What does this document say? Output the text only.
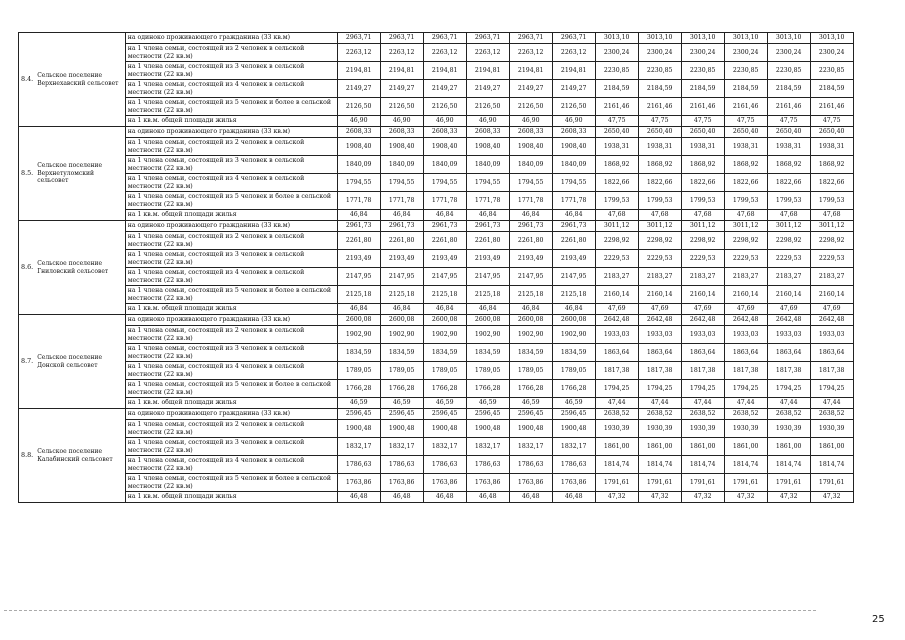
8.4.	Сельское поселение Верхнехавский сельсовет	на одиноко проживающего гражданина (33 кв.м)	2963,71	2963,71	2963,71	2963,71	2963,71	2963,71	3013,10	3013,10	3013,10	3013,10	3013,10	3013,10
		на 1 члена семьи, состоящей из 2 человек в сельской местности (22 кв.м)	2263,12	2263,12	2263,12	2263,12	2263,12	2263,12	2300,24	2300,24	2300,24	2300,24	2300,24	2300,24
		на 1 члена семьи, состоящей из 3 человек в сельской местности (22 кв.м)	2194,81	2194,81	2194,81	2194,81	2194,81	2194,81	2230,85	2230,85	2230,85	2230,85	2230,85	2230,85
		на 1 члена семьи, состоящей из 4 человек в сельской местности (22 кв.м)	2149,27	2149,27	2149,27	2149,27	2149,27	2149,27	2184,59	2184,59	2184,59	2184,59	2184,59	2184,59
		на 1 члена семьи, состоящей из 5 человек и более в сельской местности (22 кв.м)	2126,50	2126,50	2126,50	2126,50	2126,50	2126,50	2161,46	2161,46	2161,46	2161,46	2161,46	2161,46
		на 1 кв.м. общей площади жилья	46,90	46,90	46,90	46,90	46,90	46,90	47,75	47,75	47,75	47,75	47,75	47,75
8.5.	Сельское поселение Верхнетуломский сельсовет	на одиноко проживающего гражданина (33 кв.м)	2608,33	2608,33	2608,33	2608,33	2608,33	2608,33	2650,40	2650,40	2650,40	2650,40	2650,40	2650,40
		на 1 члена семьи, состоящей из 2 человек в сельской местности (22 кв.м)	1908,40	1908,40	1908,40	1908,40	1908,40	1908,40	1938,31	1938,31	1938,31	1938,31	1938,31	1938,31
		на 1 члена семьи, состоящей из 3 человек в сельской местности (22 кв.м)	1840,09	1840,09	1840,09	1840,09	1840,09	1840,09	1868,92	1868,92	1868,92	1868,92	1868,92	1868,92
		на 1 члена семьи, состоящей из 4 человек в сельской местности (22 кв.м)	1794,55	1794,55	1794,55	1794,55	1794,55	1794,55	1822,66	1822,66	1822,66	1822,66	1822,66	1822,66
		на 1 члена семьи, состоящей из 5 человек и более в сельской местности (22 кв.м)	1771,78	1771,78	1771,78	1771,78	1771,78	1771,78	1799,53	1799,53	1799,53	1799,53	1799,53	1799,53
		на 1 кв.м. общей площади жилья	46,84	46,84	46,84	46,84	46,84	46,84	47,68	47,68	47,68	47,68	47,68	47,68
8.6.	Сельское поселение Гниловский сельсовет	на одиноко проживающего гражданина (33 кв.м)	2961,73	2961,73	2961,73	2961,73	2961,73	2961,73	3011,12	3011,12	3011,12	3011,12	3011,12	3011,12
		на 1 члена семьи, состоящей из 2 человек в сельской местности (22 кв.м)	2261,80	2261,80	2261,80	2261,80	2261,80	2261,80	2298,92	2298,92	2298,92	2298,92	2298,92	2298,92
		на 1 члена семьи, состоящей из 3 человек в сельской местности (22 кв.м)	2193,49	2193,49	2193,49	2193,49	2193,49	2193,49	2229,53	2229,53	2229,53	2229,53	2229,53	2229,53
		на 1 члена семьи, состоящей из 4 человек в сельской местности (22 кв.м)	2147,95	2147,95	2147,95	2147,95	2147,95	2147,95	2183,27	2183,27	2183,27	2183,27	2183,27	2183,27
		на 1 члена семьи, состоящей из 5 человек и более в сельской местности (22 кв.м)	2125,18	2125,18	2125,18	2125,18	2125,18	2125,18	2160,14	2160,14	2160,14	2160,14	2160,14	2160,14
		на 1 кв.м. общей площади жилья	46,84	46,84	46,84	46,84	46,84	46,84	47,69	47,69	47,69	47,69	47,69	47,69
8.7.	Сельское поселение Донской сельсовет	на одиноко проживающего гражданина (33 кв.м)	2600,08	2600,08	2600,08	2600,08	2600,08	2600,08	2642,48	2642,48	2642,48	2642,48	2642,48	2642,48
		на 1 члена семьи, состоящей из 2 человек в сельской местности (22 кв.м)	1902,90	1902,90	1902,90	1902,90	1902,90	1902,90	1933,03	1933,03	1933,03	1933,03	1933,03	1933,03
		на 1 члена семьи, состоящей из 3 человек в сельской местности (22 кв.м)	1834,59	1834,59	1834,59	1834,59	1834,59	1834,59	1863,64	1863,64	1863,64	1863,64	1863,64	1863,64
		на 1 члена семьи, состоящей из 4 человек в сельской местности (22 кв.м)	1789,05	1789,05	1789,05	1789,05	1789,05	1789,05	1817,38	1817,38	1817,38	1817,38	1817,38	1817,38
		на 1 члена семьи, состоящей из 5 человек и более в сельской местности (22 кв.м)	1766,28	1766,28	1766,28	1766,28	1766,28	1766,28	1794,25	1794,25	1794,25	1794,25	1794,25	1794,25
		на 1 кв.м. общей площади жилья	46,59	46,59	46,59	46,59	46,59	46,59	47,44	47,44	47,44	47,44	47,44	47,44
8.8.	Сельское поселение Калабинский сельсовет	на одиноко проживающего гражданина (33 кв.м)	2596,45	2596,45	2596,45	2596,45	2596,45	2596,45	2638,52	2638,52	2638,52	2638,52	2638,52	2638,52
		на 1 члена семьи, состоящей из 2 человек в сельской местности (22 кв.м)	1900,48	1900,48	1900,48	1900,48	1900,48	1900,48	1930,39	1930,39	1930,39	1930,39	1930,39	1930,39
		на 1 члена семьи, состоящей из 3 человек в сельской местности (22 кв.м)	1832,17	1832,17	1832,17	1832,17	1832,17	1832,17	1861,00	1861,00	1861,00	1861,00	1861,00	1861,00
		на 1 члена семьи, состоящей из 4 человек в сельской местности (22 кв.м)	1786,63	1786,63	1786,63	1786,63	1786,63	1786,63	1814,74	1814,74	1814,74	1814,74	1814,74	1814,74
		на 1 члена семьи, состоящей из 5 человек и более в сельской местности (22 кв.м)	1763,86	1763,86	1763,86	1763,86	1763,86	1763,86	1791,61	1791,61	1791,61	1791,61	1791,61	1791,61
		на 1 кв.м. общей площади жилья	46,48	46,48	46,48	46,48	46,48	46,48	47,32	47,32	47,32	47,32	47,32	47,32
25
